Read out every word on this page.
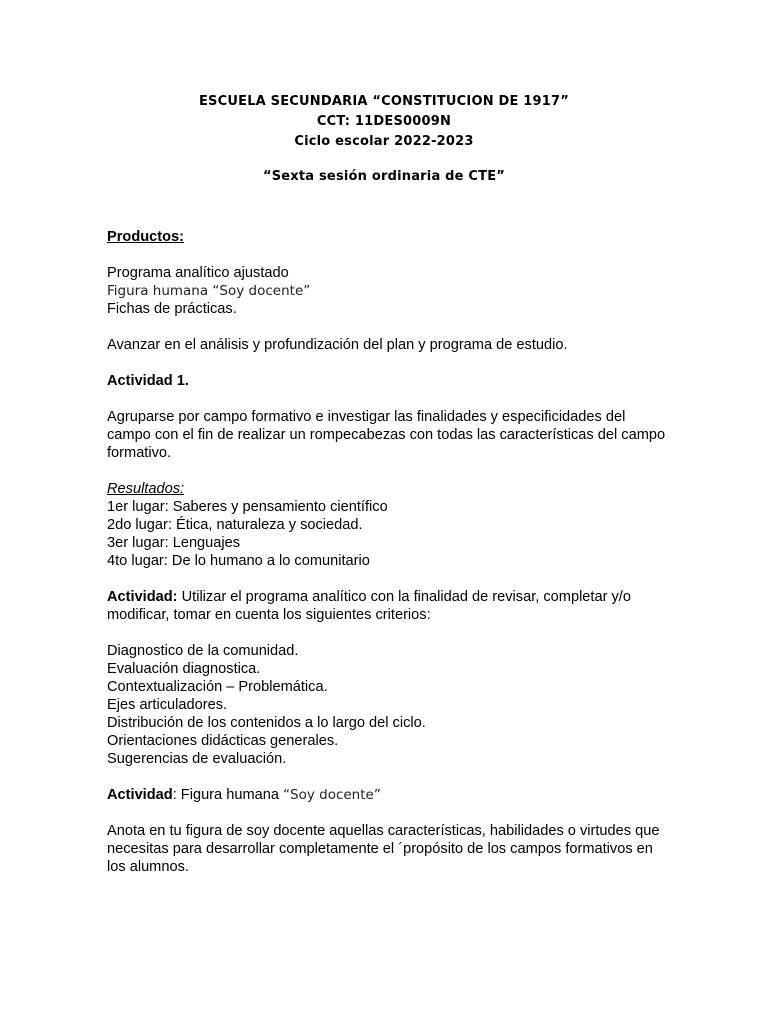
ESCUELA SECUNDARIA “CONSTITUCION DE 1917”
CCT: 11DES0009N
Ciclo escolar 2022-2023
“Sexta sesión ordinaria de CTE”

Productos:

Programa analítico ajustado

Figura humana “Soy docente”

Fichas de prácticas.

Avanzar en el análisis y profundización del plan y programa de estudio.

Actividad 1.

Agruparse por campo formativo e investigar las finalidades y especificidades del campo con el fin de realizar un rompecabezas con todas las características del campo formativo.

Resultados:

1er lugar: Saberes y pensamiento científico

2do lugar: Ética, naturaleza y sociedad.

3er lugar: Lenguajes

4to lugar: De lo humano a lo comunitario

Actividad: Utilizar el programa analítico con la finalidad de revisar, completar y/o modificar, tomar en cuenta los siguientes criterios:

Diagnostico de la comunidad.

Evaluación diagnostica.

Contextualización – Problemática.

Ejes articuladores.

Distribución de los contenidos a lo largo del ciclo.

Orientaciones didácticas generales.

Sugerencias de evaluación.

Actividad: Figura humana “Soy docente”

Anota en tu figura de soy docente aquellas características, habilidades o virtudes que necesitas para desarrollar completamente el ´propósito de los campos formativos en los alumnos.
